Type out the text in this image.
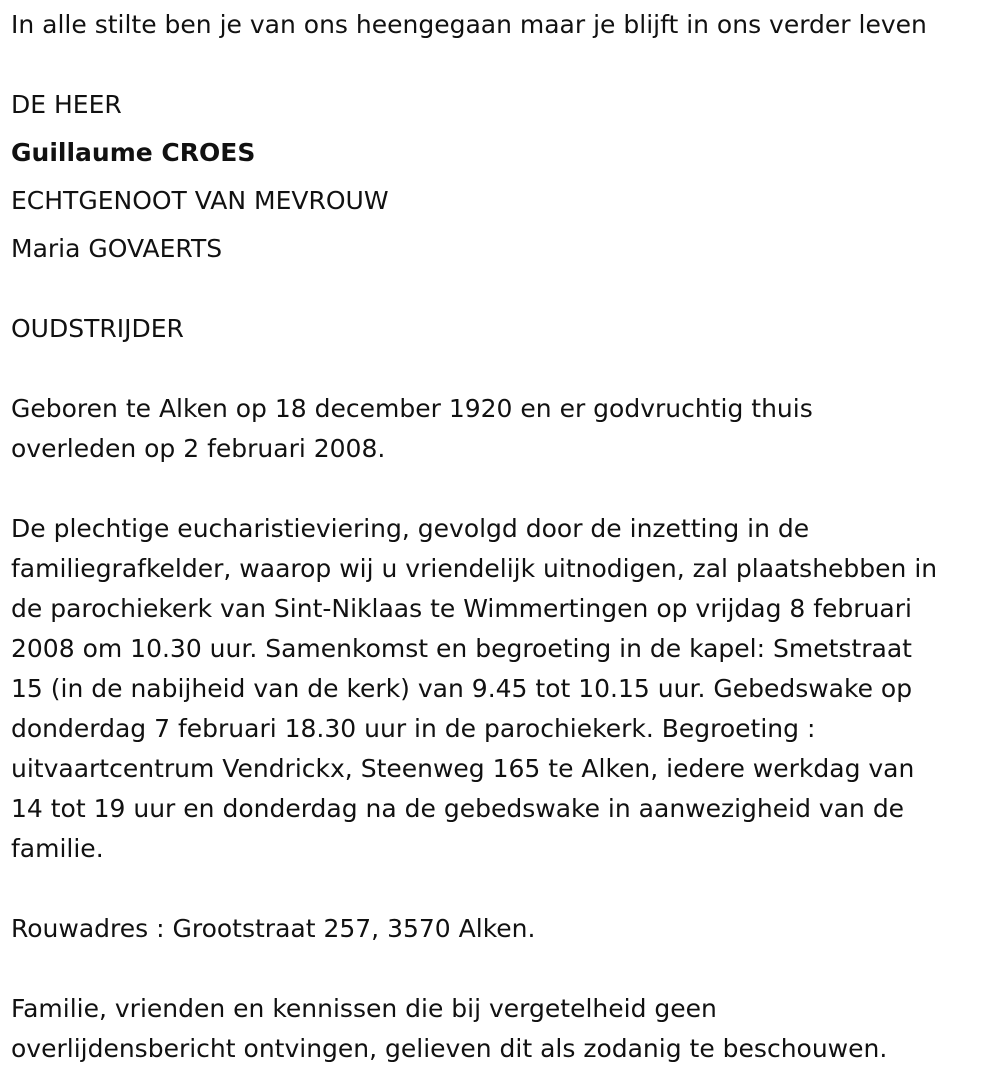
In alle stilte ben je van ons heengegaan maar je blijft in ons verder leven

DE HEER

Guillaume CROES

ECHTGENOOT VAN MEVROUW

Maria GOVAERTS

OUDSTRIJDER

Geboren te Alken op 18 december 1920 en er godvruchtig thuis
overleden op 2 februari 2008.
De plechtige eucharistieviering, gevolgd door de inzetting in de
familiegrafkelder, waarop wij u vriendelijk uitnodigen, zal plaatshebben in
de parochiekerk van Sint-Niklaas te Wimmertingen op vrijdag 8 februari
2008 om 10.30 uur. Samenkomst en begroeting in de kapel: Smetstraat
15 (in de nabijheid van de kerk) van 9.45 tot 10.15 uur. Gebedswake op
donderdag 7 februari 18.30 uur in de parochiekerk. Begroeting :
uitvaartcentrum Vendrickx, Steenweg 165 te Alken, iedere werkdag van
14 tot 19 uur en donderdag na de gebedswake in aanwezigheid van de
familie.
Rouwadres : Grootstraat 257, 3570 Alken.
Familie, vrienden en kennissen die bij vergetelheid geen
overlijdensbericht ontvingen, gelieven dit als zodanig te beschouwen.
